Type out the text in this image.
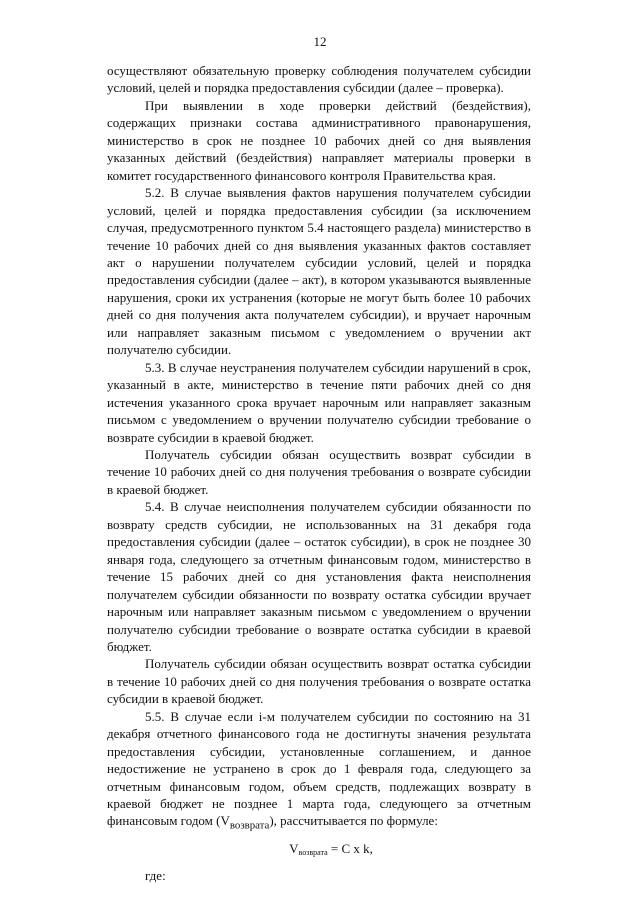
12

осуществляют обязательную проверку соблюдения получателем субсидии условий, целей и порядка предоставления субсидии (далее – проверка).

При выявлении в ходе проверки действий (бездействия), содержащих признаки состава административного правонарушения, министерство в срок не позднее 10 рабочих дней со дня выявления указанных действий (бездействия) направляет материалы проверки в комитет государственного финансового контроля Правительства края.

5.2. В случае выявления фактов нарушения получателем субсидии условий, целей и порядка предоставления субсидии (за исключением случая, предусмотренного пунктом 5.4 настоящего раздела) министерство в течение 10 рабочих дней со дня выявления указанных фактов составляет акт о нарушении получателем субсидии условий, целей и порядка предоставления субсидии (далее – акт), в котором указываются выявленные нарушения, сроки их устранения (которые не могут быть более 10 рабочих дней со дня получения акта получателем субсидии), и вручает нарочным или направляет заказным письмом с уведомлением о вручении акт получателю субсидии.

5.3. В случае неустранения получателем субсидии нарушений в срок, указанный в акте, министерство в течение пяти рабочих дней со дня истечения указанного срока вручает нарочным или направляет заказным письмом с уведомлением о вручении получателю субсидии требование о возврате субсидии в краевой бюджет.

Получатель субсидии обязан осуществить возврат субсидии в течение 10 рабочих дней со дня получения требования о возврате субсидии в краевой бюджет.

5.4. В случае неисполнения получателем субсидии обязанности по возврату средств субсидии, не использованных на 31 декабря года предоставления субсидии (далее – остаток субсидии), в срок не позднее 30 января года, следующего за отчетным финансовым годом, министерство в течение 15 рабочих дней со дня установления факта неисполнения получателем субсидии обязанности по возврату остатка субсидии вручает нарочным или направляет заказным письмом с уведомлением о вручении получателю субсидии требование о возврате остатка субсидии в краевой бюджет.

Получатель субсидии обязан осуществить возврат остатка субсидии в течение 10 рабочих дней со дня получения требования о возврате остатка субсидии в краевой бюджет.

5.5. В случае если i-м получателем субсидии по состоянию на 31 декабря отчетного финансового года не достигнуты значения результата предоставления субсидии, установленные соглашением, и данное недостижение не устранено в срок до 1 февраля года, следующего за отчетным финансовым годом, объем средств, подлежащих возврату в краевой бюджет не позднее 1 марта года, следующего за отчетным финансовым годом $(V_{возврата})$, рассчитывается по формуле:

$V_{возврата} = C$ x k,

где:
